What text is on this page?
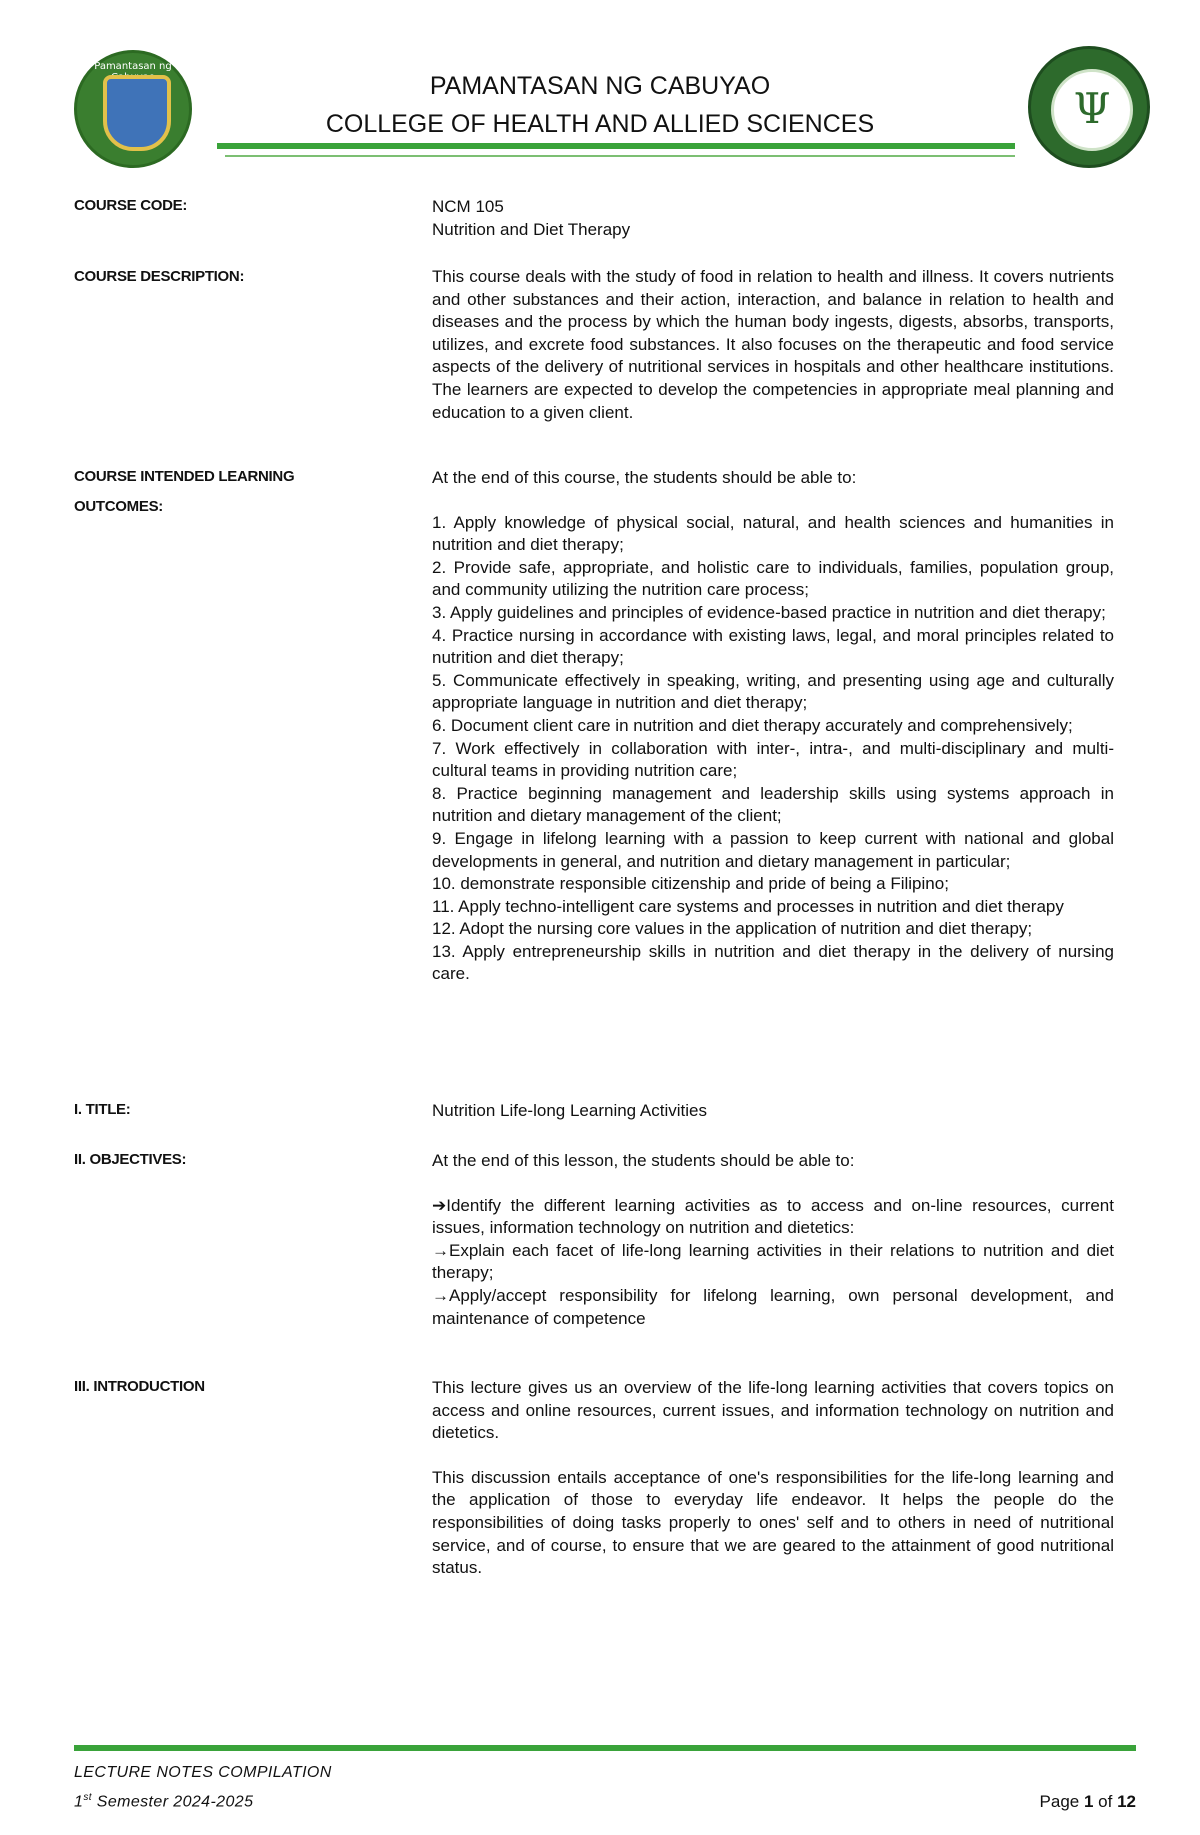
Pamantasan ng
Ψ
PAMANTASAN NG CABUYAO
COLLEGE OF HEALTH AND ALLIED SCIENCES
COURSE CODE:	NCM 105

Nutrition and Diet Therapy

COURSE DESCRIPTION:	This course deals with the study of food in relation to health and illness. It covers nutrients and other substances and their action, interaction, and balance in relation to health and diseases and the process by which the human body ingests, digests, absorbs, transports, utilizes, and excrete food substances. It also focuses on the therapeutic and food service aspects of the delivery of nutritional services in hospitals and other healthcare institutions. The learners are expected to develop the competencies in appropriate meal planning and education to a given client.

COURSE INTENDED LEARNING
OUTCOMES:

At the end of this course, the students should be able to:

1. Apply knowledge of physical social, natural, and health sciences and humanities in nutrition and diet therapy;

2. Provide safe, appropriate, and holistic care to individuals, families, population group, and community utilizing the nutrition care process;

3. Apply guidelines and principles of evidence-based practice in nutrition and diet therapy;

4. Practice nursing in accordance with existing laws, legal, and moral principles related to nutrition and diet therapy;

5. Communicate effectively in speaking, writing, and presenting using age and culturally appropriate language in nutrition and diet therapy;

6. Document client care in nutrition and diet therapy accurately and comprehensively;

7. Work effectively in collaboration with inter-, intra-, and multi-disciplinary and multi-cultural teams in providing nutrition care;

8. Practice beginning management and leadership skills using systems approach in nutrition and dietary management of the client;

9. Engage in lifelong learning with a passion to keep current with national and global developments in general, and nutrition and dietary management in particular;

10. demonstrate responsible citizenship and pride of being a Filipino;

11. Apply techno-intelligent care systems and processes in nutrition and diet therapy

12. Adopt the nursing core values in the application of nutrition and diet therapy;

13. Apply entrepreneurship skills in nutrition and diet therapy in the delivery of nursing care.

I. TITLE:	Nutrition Life-long Learning Activities

II. OBJECTIVES:	At the end of this lesson, the students should be able to:

➔Identify the different learning activities as to access and on-line resources, current issues, information technology on nutrition and dietetics:

→Explain each facet of life-long learning activities in their relations to nutrition and diet therapy;

→Apply/accept responsibility for lifelong learning, own personal development, and maintenance of competence

III. INTRODUCTION	This lecture gives us an overview of the life-long learning activities that covers topics on access and online resources, current issues, and information technology on nutrition and dietetics.

This discussion entails acceptance of one's responsibilities for the life-long learning and the application of those to everyday life endeavor. It helps the people do the responsibilities of doing tasks properly to ones' self and to others in need of nutritional service, and of course, to ensure that we are geared to the attainment of good nutritional status.

LECTURE NOTES COMPILATION
1st Semester 2024-2025	Page 1 of 12
